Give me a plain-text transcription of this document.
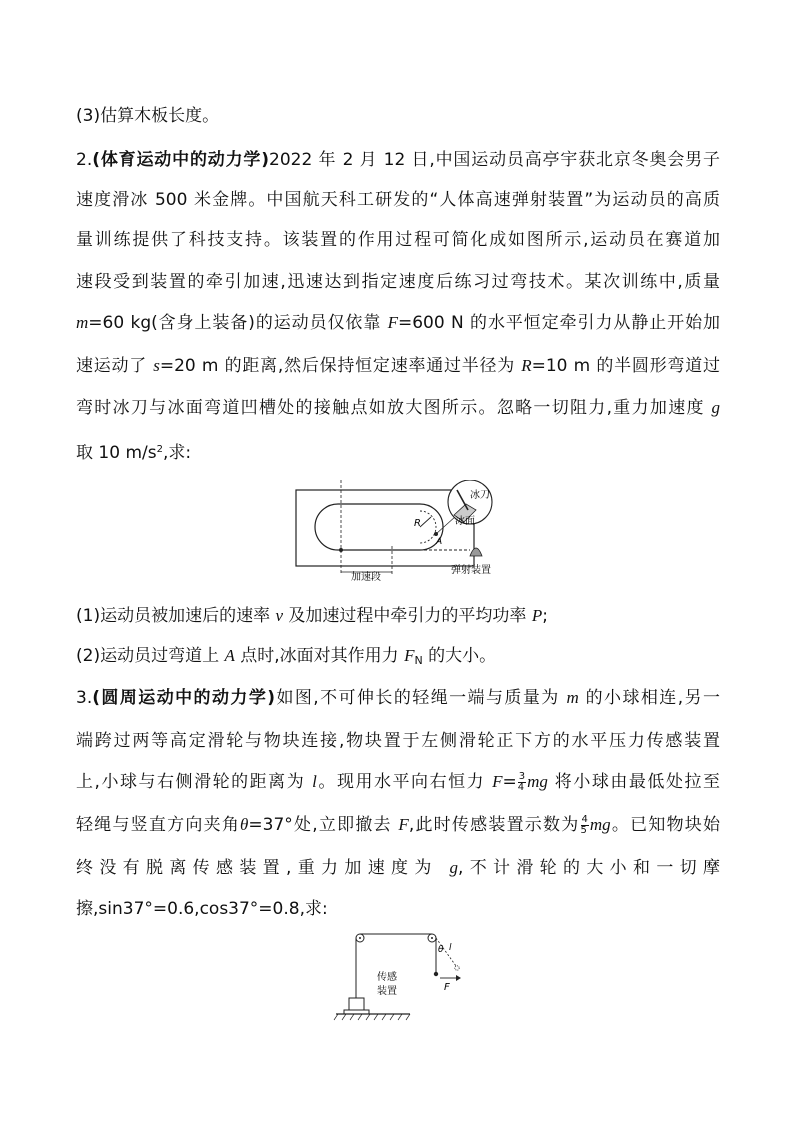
(3)估算木板长度。
2.(体育运动中的动力学)2022 年 2 月 12 日,中国运动员高亭宇获北京冬奥会男子
速度滑冰 500 米金牌。中国航天科工研发的“人体高速弹射装置”为运动员的高质
量训练提供了科技支持。该装置的作用过程可简化成如图所示,运动员在赛道加
速段受到装置的牵引加速,迅速达到指定速度后练习过弯技术。某次训练中,质量
m=60 kg(含身上装备)的运动员仅依靠 F=600 N 的水平恒定牵引力从静止开始加
速运动了 s=20 m 的距离,然后保持恒定速率通过半径为 R=10 m 的半圆形弯道过
弯时冰刀与冰面弯道凹槽处的接触点如放大图所示。忽略一切阻力,重力加速度 g
取 10 $m/s^2$,求:
冰刀
冰面
R
A
加速段
弹射装置
(1)运动员被加速后的速率 v 及加速过程中牵引力的平均功率 P;
(2)运动员过弯道上 A 点时,冰面对其作用力 $F_N$ 的大小。
3.(圆周运动中的动力学)如图,不可伸长的轻绳一端与质量为 m 的小球相连,另一
端跨过两等高定滑轮与物块连接,物块置于左侧滑轮正下方的水平压力传感装置
上,小球与右侧滑轮的距离为 l。现用水平向右恒力 $F= \frac{3}{4}$ mg 将小球由最低处拉至
轻绳与竖直方向夹角θ=37°处,立即撤去 F,此时传感装置示数为 $\frac{4}{5}$ mg。已知物块始
终没有脱离传感装置,重力加速度为 g,不计滑轮的大小和一切摩
擦,sin37°=0.6,cos37°=0.8,求:
θ l
F
传感
装置
